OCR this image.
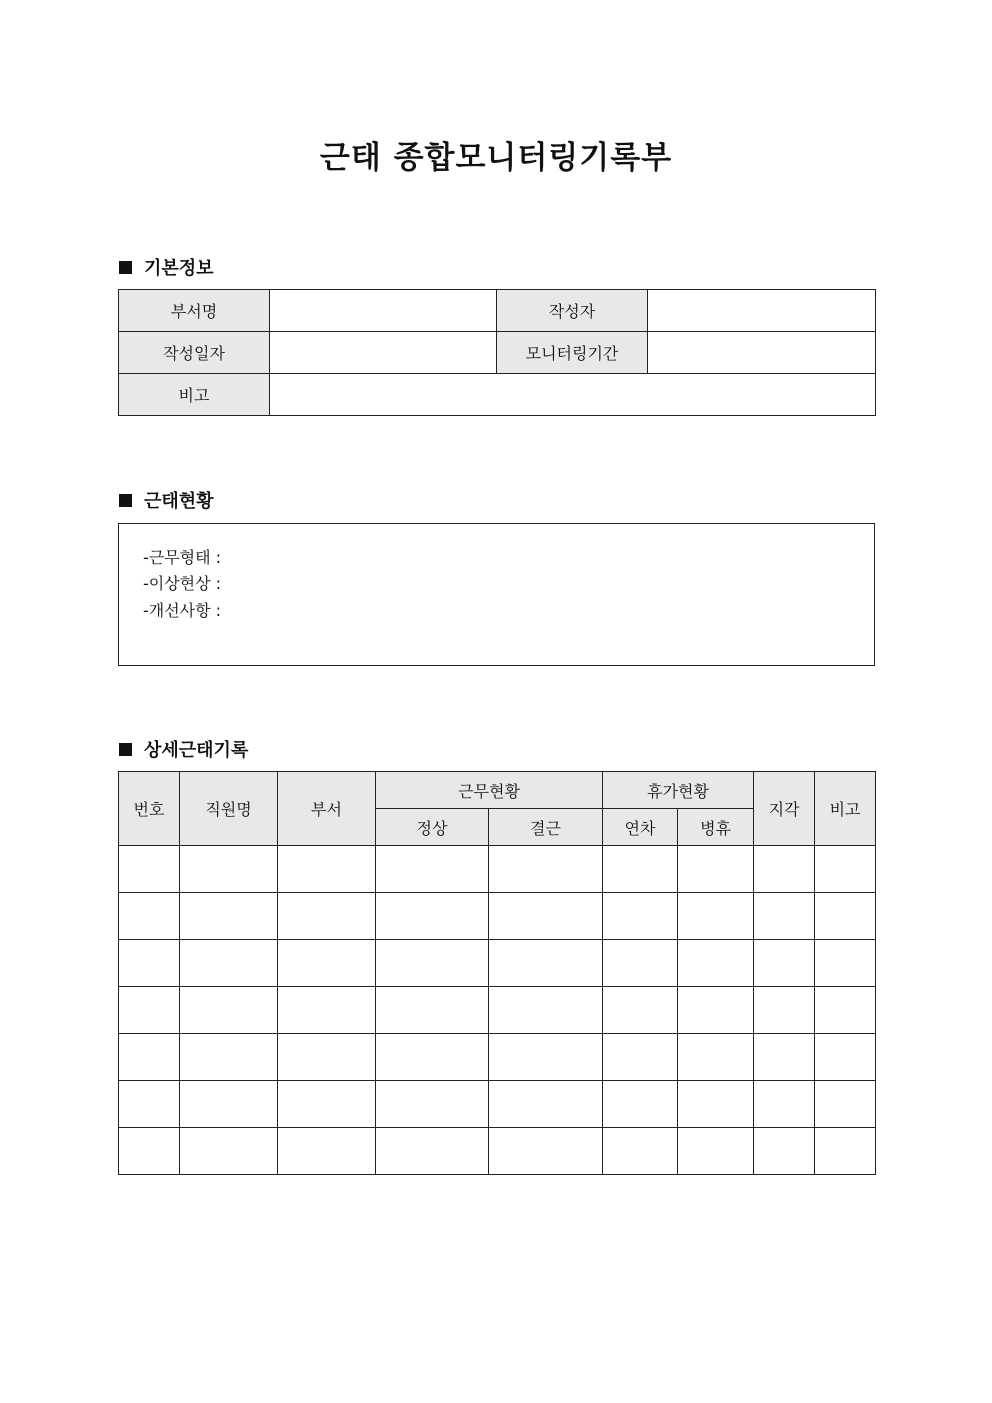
근태 종합모니터링기록부
기본정보
부서명		작성자	
작성일자		모니터링기간	
비고			
근태현황
-근무형태 :
-이상현상 :
-개선사항 :
상세근태기록
번호	직원명	부서	근무현황		휴가현황		지각	비고
			정상	결근	연차	병휴		
